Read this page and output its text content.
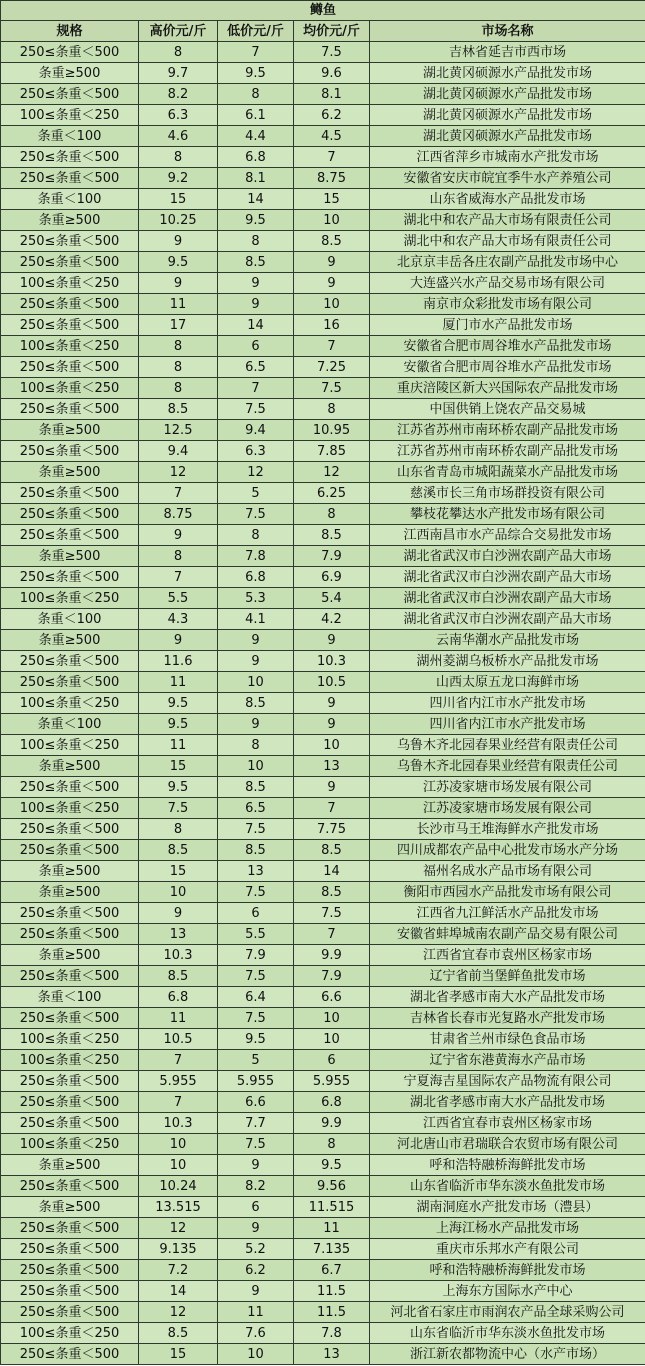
鳟鱼				
规格	高价元/斤	低价元/斤	均价元/斤	市场名称
250≤条重＜500	8	7	7.5	吉林省延吉市西市场
条重≥500	9.7	9.5	9.6	湖北黄冈硕源水产品批发市场
250≤条重＜500	8.2	8	8.1	湖北黄冈硕源水产品批发市场
100≤条重＜250	6.3	6.1	6.2	湖北黄冈硕源水产品批发市场
条重＜100	4.6	4.4	4.5	湖北黄冈硕源水产品批发市场
250≤条重＜500	8	6.8	7	江西省萍乡市城南水产批发市场
250≤条重＜500	9.2	8.1	8.75	安徽省安庆市皖宜季牛水产养殖公司
条重＜100	15	14	15	山东省威海水产品批发市场
条重≥500	10.25	9.5	10	湖北中和农产品大市场有限责任公司
250≤条重＜500	9	8	8.5	湖北中和农产品大市场有限责任公司
250≤条重＜500	9.5	8.5	9	北京京丰岳各庄农副产品批发市场中心
100≤条重＜250	9	9	9	大连盛兴水产品交易市场有限公司
250≤条重＜500	11	9	10	南京市众彩批发市场有限公司
250≤条重＜500	17	14	16	厦门市水产品批发市场
100≤条重＜250	8	6	7	安徽省合肥市周谷堆水产品批发市场
250≤条重＜500	8	6.5	7.25	安徽省合肥市周谷堆水产品批发市场
100≤条重＜250	8	7	7.5	重庆涪陵区新大兴国际农产品批发市场
250≤条重＜500	8.5	7.5	8	中国供销上饶农产品交易城
条重≥500	12.5	9.4	10.95	江苏省苏州市南环桥农副产品批发市场
250≤条重＜500	9.4	6.3	7.85	江苏省苏州市南环桥农副产品批发市场
条重≥500	12	12	12	山东省青岛市城阳蔬菜水产品批发市场
250≤条重＜500	7	5	6.25	慈溪市长三角市场群投资有限公司
250≤条重＜500	8.75	7.5	8	攀枝花攀达水产批发市场有限公司
250≤条重＜500	9	8	8.5	江西南昌市水产品综合交易批发市场
条重≥500	8	7.8	7.9	湖北省武汉市白沙洲农副产品大市场
250≤条重＜500	7	6.8	6.9	湖北省武汉市白沙洲农副产品大市场
100≤条重＜250	5.5	5.3	5.4	湖北省武汉市白沙洲农副产品大市场
条重＜100	4.3	4.1	4.2	湖北省武汉市白沙洲农副产品大市场
条重≥500	9	9	9	云南华潮水产品批发市场
250≤条重＜500	11.6	9	10.3	湖州菱湖乌板桥水产品批发市场
250≤条重＜500	11	10	10.5	山西太原五龙口海鲜市场
100≤条重＜250	9.5	8.5	9	四川省内江市水产批发市场
条重＜100	9.5	9	9	四川省内江市水产批发市场
100≤条重＜250	11	8	10	乌鲁木齐北园春果业经营有限责任公司
条重≥500	15	10	13	乌鲁木齐北园春果业经营有限责任公司
250≤条重＜500	9.5	8.5	9	江苏凌家塘市场发展有限公司
100≤条重＜250	7.5	6.5	7	江苏凌家塘市场发展有限公司
250≤条重＜500	8	7.5	7.75	长沙市马王堆海鲜水产批发市场
250≤条重＜500	8.5	8.5	8.5	四川成都农产品中心批发市场水产分场
条重≥500	15	13	14	福州名成水产品市场有限公司
条重≥500	10	7.5	8.5	衡阳市西园水产品批发市场有限公司
250≤条重＜500	9	6	7.5	江西省九江鲜活水产品批发市场
250≤条重＜500	13	5.5	7	安徽省蚌埠城南农副产品交易有限公司
条重≥500	10.3	7.9	9.9	江西省宜春市袁州区杨家市场
250≤条重＜500	8.5	7.5	7.9	辽宁省前当堡鲜鱼批发市场
条重＜100	6.8	6.4	6.6	湖北省孝感市南大水产品批发市场
250≤条重＜500	11	7.5	10	吉林省长春市光复路水产批发市场
100≤条重＜250	10.5	9.5	10	甘肃省兰州市绿色食品市场
100≤条重＜250	7	5	6	辽宁省东港黄海水产品市场
250≤条重＜500	5.955	5.955	5.955	宁夏海吉星国际农产品物流有限公司
250≤条重＜500	7	6.6	6.8	湖北省孝感市南大水产品批发市场
250≤条重＜500	10.3	7.7	9.9	江西省宜春市袁州区杨家市场
100≤条重＜250	10	7.5	8	河北唐山市君瑞联合农贸市场有限公司
条重≥500	10	9	9.5	呼和浩特融桥海鲜批发市场
250≤条重＜500	10.24	8.2	9.56	山东省临沂市华东淡水鱼批发市场
条重≥500	13.515	6	11.515	湖南洞庭水产批发市场（澧县）
250≤条重＜500	12	9	11	上海江杨水产品批发市场
250≤条重＜500	9.135	5.2	7.135	重庆市乐邦水产有限公司
250≤条重＜500	7.2	6.2	6.7	呼和浩特融桥海鲜批发市场
250≤条重＜500	14	9	11.5	上海东方国际水产中心
250≤条重＜500	12	11	11.5	河北省石家庄市雨润农产品全球采购公司
100≤条重＜250	8.5	7.6	7.8	山东省临沂市华东淡水鱼批发市场
250≤条重＜500	15	10	13	浙江新农都物流中心（水产市场）
